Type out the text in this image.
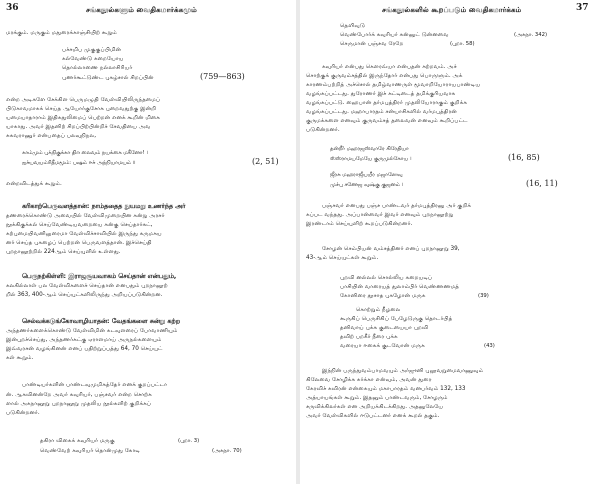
36	சங்கநூல்களும் வைதிகமார்க்கமும்
மரக்கும். மருகும் மதுரைக்காஞ்சியிற் கூறும்
பச்சமிப முகுகுப்பிமின்
கல்வேண்டு சுறையோய
தொல்லாணை நல்லாசிரியர்
புணர்கூட்டுண்ட புகழ்சால் சிறப்பின்	(759—863)
என்ற அடிகளே சேக்கிள பெருமழுதி வேள்வியிலிருந்தமைப்
பிடுகாவமாசுக் செய்த ஆயோர்குசோக புறைவதுற்கு இன்றி
யமையாதாராம் இதிசுதுலிமைப் பெற்றன் எனக் கூறின் மிகை
யாகாது. அவர் இதனிற் சிறப்பிற்பின்றிச் சேவதியை அவ
சுகவராணுர் என்பதைப் பலவுநிநல,
காம்மும் புக்நிகுக்கா தி௱ லைவம் நயக்கை மகீனோ! ।
ஐச்யவயம்ரிதீமமூம்: பஷம் ஈச் அந்நியாமயம் ॥	(2, 51)
என்றவிடத்துக் கூறும்.
கரிகாற்பெருவளத்தான்: நாம்ததைத நுயமறு உணர்ந்த அர்
தணரைக்கொண்டு அவையில் வேள்விமுறையின சுன்று அரசர்
நூக்கிகுக்கல் செய்வேண்டியவறையை சுன்கு செய்தார்கட்,
கற்புமையிவனிலுரைமா வேள்விச்சாவியில் இருந்து கருமசுய
னர் செய்த புகழைப் பெற்றன் பெருவளத்தான். இச்செய்தி
புறநானூற்றில் 224ஆம் செய்யுளில் உள்ளது.
பெருநற்கிள்ளி: இராஜசூயவாகம் செய்தான் என்பதும்,
கலகில்லாள் பல வேள்விகளைச் செய்தான் எனபதும் புறநானூற்
றில் 363, 400-ஆம் செய்யுட்களிலிருந்து அறியப்படுகின்றன.
செல்வக்கடுங்கோவாழியாதன்: வேதங்களை சுன்று கற்ற
அந்தணர்களைக்கொண்டு வேள்விமின் கடவுளரைப் போவாணியும்
இன்புறச்செய்து, அந்தணர்கட்கு ஏராளமாய் அருநல்களையும்
இவ்வரசன் வழங்கினன் எனப் பதிற்றுப்பத்து 64, 70 செய்யுட்
கள் கூறும்.
பாண்டியர்களின் பாண்டவுமுமிகத்தேர் எனக் குறப்பட்டா
ன். ஆகவினன்றே அவர் கவுரியர், பஞ்சவர் என்ற சொற்க
ளால் அகநானூறு புறநானூறு முதலிய நூல்களிற் குறிக்கப்
படுகின்றனர்.
தகிரா விகைக் கவுரியர் மருகு	(புறா. 3)
வெண்வேற் கவுரியர் தொன்முது கோடி	(அகநா. 70)
சங்கநூல்களில் கூறப்படும் வைதிகமார்க்கம்	37
தெளிவுடு
வெண்போர்க் கவுரியர் சுன்னுட் டுன்னவை	(அகநா. 342)
செருமான் பஞ்சவ ரேறே	(புறா. 58)
கவுரியர் என்பது கௌரவ்யா என்பதன் சுற்றவம். அச்
சொற்குக் குருவம்சத்தில் இருந்தோர் என்பது பொருளும். அக்
காரணம்பற்றித் அச்சொல் தமிழ்வாணருள் மூவாறியோராயபாண்டிய
வழங்கப்பட்டது. துரோணர் இச் சுட்டிடைத் தமிக்குரியவாக
வழங்கப்பட்டு. ஹைபான் தர்மபுத்திரர் முதலியோராகும் குறிக்க
வழங்கப்பட்டது. மஹாபாரதம் சன்யாசிகளில் வர்மபுத்திரன்
குருமக்களை எனவும் குருவம்சத் தலைவன் எனவும் கூறிப்பட்ட
படுகின்றனர்.
தன்றீர் மஹரஜஸ்வாரே கிரேதியா
ஸ்ஸ்ராமயமேயே குருமுல்கோய ।	(16, 85)
ஜீரசு மஹராஜீயயீர மஜாஸேவு
முச்பு சணேஜ வுஷ்கு குஜனம் ।	(16, 11)
பஞ்சவர் எனபது பஞ்ச பாண்டவர் தர்மபுத்திரனு அர் குறிக்
கப்பட வந்தது. அப்பான்வைர் இவர் எனவும் புறநானூற்று
இரண்டாம் செய்யுளிற் கூறப்படுகின்றனர்.
சோழன் செம்பியன் வம்சத்தினர் எனப் புறநானூறு 39,
43-ஆம் செய்யுட்கள் கூறும்.
புறவி னல்லல் சொல்லிய கறையடிப்
பாசியின் வாரையத் துலாம்பிர் வெண்ணணமத்
கோனிரை தூசாத புகழோன் மருக	(39)
கொற்றும் நீழலை
கூருகிப் பெருசிகிப் பேழேடுருகு தொடர்பித்
தனிவாய் புக்க குடையையா புறவி
தவிற் பறகீர் நீரை புக்க
வரையா ஈகைக் குடவோன் மருக	(43)
இந்நின் பருந்துவம்பாமவயும் அர்ஜுனி புலூவறுமைவாணுவும்
கிலேவை சோழிக்க சுர்க்கா என்வும், அவன் துரை
கேரவிச் சுவிரன் என்கையும் மகாபாரதம் வனபர்வம் 132, 133
அத்யாயங்கள் கூறும். இதனும் பாண்டவரும், சோழரும்
சருவிக்கிலர்கள் என அறியக்கிடக்கிறது. அதனுலேயே
அவர் வேள்விகளில் ஈடுபட்டனர் எனக் கூறல் தகும்.
